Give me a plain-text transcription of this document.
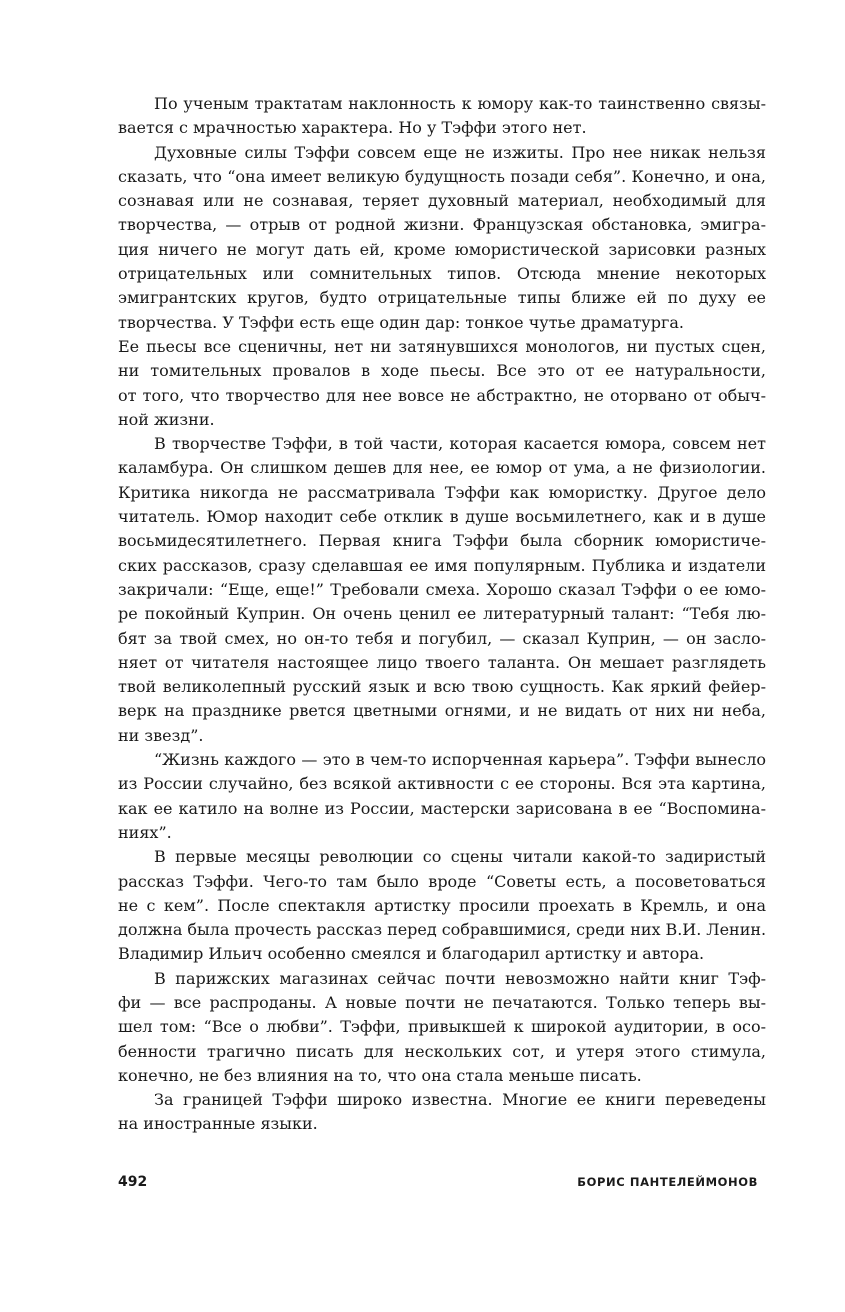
По ученым трактатам наклонность к юмору как-то таинственно связы-
вается с мрачностью характера. Но у Тэффи этого нет.
Духовные силы Тэффи совсем еще не изжиты. Про нее никак нельзя
сказать, что “она имеет великую будущность позади себя”. Конечно, и она,
сознавая или не сознавая, теряет духовный материал, необходимый для
творчества, — отрыв от родной жизни. Французская обстановка, эмигра-
ция ничего не могут дать ей, кроме юмористической зарисовки разных
отрицательных или сомнительных типов. Отсюда мнение некоторых
эмигрантских кругов, будто отрицательные типы ближе ей по духу ее
творчества. У Тэффи есть еще один дар: тонкое чутье драматурга.
Ее пьесы все сценичны, нет ни затянувшихся монологов, ни пустых сцен,
ни томительных провалов в ходе пьесы. Все это от ее натуральности,
от того, что творчество для нее вовсе не абстрактно, не оторвано от обыч-
ной жизни.
В творчестве Тэффи, в той части, которая касается юмора, совсем нет
каламбура. Он слишком дешев для нее, ее юмор от ума, а не физиологии.
Критика никогда не рассматривала Тэффи как юмористку. Другое дело
читатель. Юмор находит себе отклик в душе восьмилетнего, как и в душе
восьмидесятилетнего. Первая книга Тэффи была сборник юмористиче-
ских рассказов, сразу сделавшая ее имя популярным. Публика и издатели
закричали: “Еще, еще!” Требовали смеха. Хорошо сказал Тэффи о ее юмо-
ре покойный Куприн. Он очень ценил ее литературный талант: “Тебя лю-
бят за твой смех, но он-то тебя и погубил, — сказал Куприн, — он засло-
няет от читателя настоящее лицо твоего таланта. Он мешает разглядеть
твой великолепный русский язык и всю твою сущность. Как яркий фейер-
верк на празднике рвется цветными огнями, и не видать от них ни неба,
ни звезд”.
“Жизнь каждого — это в чем-то испорченная карьера”. Тэффи вынесло
из России случайно, без всякой активности с ее стороны. Вся эта картина,
как ее катило на волне из России, мастерски зарисована в ее “Воспомина-
ниях”.
В первые месяцы революции со сцены читали какой-то задиристый
рассказ Тэффи. Чего-то там было вроде “Советы есть, а посоветоваться
не с кем”. После спектакля артистку просили проехать в Кремль, и она
должна была прочесть рассказ перед собравшимися, среди них В.И. Ленин.
Владимир Ильич особенно смеялся и благодарил артистку и автора.
В парижских магазинах сейчас почти невозможно найти книг Тэф-
фи — все распроданы. А новые почти не печатаются. Только теперь вы-
шел том: “Все о любви”. Тэффи, привыкшей к широкой аудитории, в осо-
бенности трагично писать для нескольких сот, и утеря этого стимула,
конечно, не без влияния на то, что она стала меньше писать.
За границей Тэффи широко известна. Многие ее книги переведены
на иностранные языки.
492	БОРИС ПАНТЕЛЕЙМОНОВ
